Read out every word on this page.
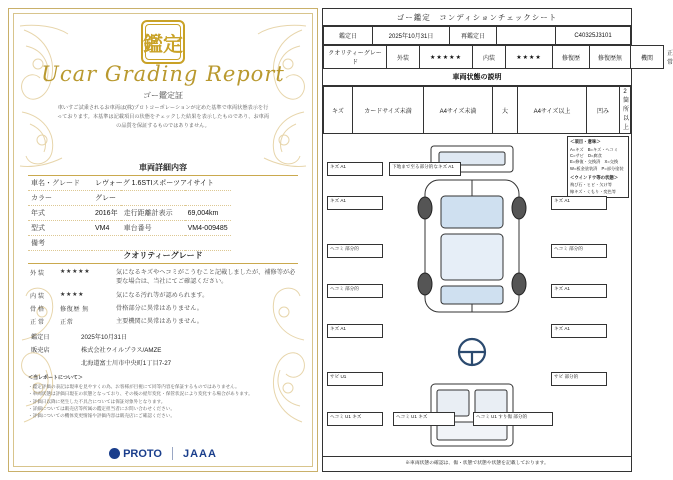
鑑定
Ucar Grading Report
ゴー鑑定証
車いすご試乗されるお車両は(株)プロトコーポレーションが定めた基準で車両状態表示を行っております。本基準は記載項目の状態をチェックした結果を表示したものであり、お車両の品質を保証するものではありません。
車両詳細内容
車名・グレード	レヴォーグ 1.6STIスポーツアイサイト		
カラー	グレー		
年式	2016年	走行距離計表示	69,004km
型式	VM4	車台番号	VM4-009485
備考			
クオリティーグレード
外 装	★★★★★	気になるキズやヘコミがこうむこと記載しましたが、補修等が必要な場合は、当社にてご確認ください。
内 装	★★★★	気になる汚れ等が認められます。
骨 格	修復歴 無	骨格部分に異常はありません。
正 常	正常	主要機関に異常はありません。
鑑定日	2025年10月31日
販売店	株式会社ウイルプラス/AMZE
	北海道富士川市中央町1丁目7-27
＜当レポートについて＞
・鑑定評価の表記は現車を見やすくの為、お客様が目視にて同等内容を保証するものではありません。
・車両状態は評価日現在の状態となっており、その後の経年変化・保管状況により変化する場合があります。
・評価日以降に発生した不具合については保証対象外となります。
・詳細については販売店等所属の鑑定担当者にお問い合わせください。
・評価についての機体変更情報や評価内容は販売店にご確認ください。
PROTO JAAA
ゴー鑑定　コンディションチェックシート
鑑定日	2025年10月31日	再鑑定日		C40325J3101
クオリティーグレード	外装	★★★★★	内装	★★★★	修復歴	修復歴無	機関	正常
車両状態の説明
キズ	カードサイズ未満	A4サイズ未満	大	A4サイズ以上	凹み	2箇所以上
＜項目・意味＞
A=キズ　B=キズ・ヘコミ
C=サビ　D=腐食
E=修復・交換済　X=交換
W=板金塗装済　P=部分塗装
＜ウインドウ等の状態＞
飛び石・ヒビ・欠け等
線キズ・くもり・変色等
キズ A1
キズ A1
ヘコミ 部分的
ヘコミ 部分的
キズ A1
サビ U1
ヘコミ U1 キズ
下地まで至る部分的なキズ A1
キズ A1
ヘコミ 部分的
キズ A1
キズ A1
サビ 部分的
ヘコミ U1 すり傷 部分的
ヘコミ U1 キズ
※車両状態の確認は、傷・状態で状態や状態を記載しております。
